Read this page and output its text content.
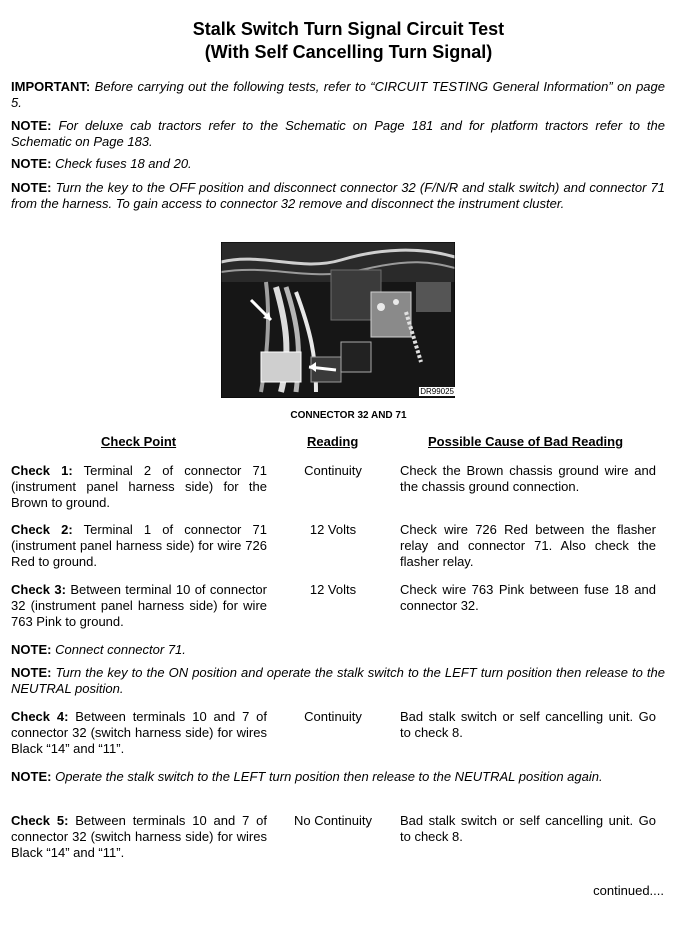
Stalk Switch Turn Signal Circuit Test
(With Self Cancelling Turn Signal)
IMPORTANT: Before carrying out the following tests, refer to “CIRCUIT TESTING General Information” on page 5.
NOTE: For deluxe cab tractors refer to the Schematic on Page 181 and for platform tractors refer to the Schematic on Page 183.
NOTE: Check fuses 18 and 20.
NOTE: Turn the key to the OFF position and disconnect connector 32 (F/N/R and stalk switch) and connector 71 from the harness. To gain access to connector 32 remove and disconnect the instrument cluster.
DR99025
CONNECTOR 32 AND 71
Check Point	Reading	Possible Cause of Bad Reading
Check 1: Terminal 2 of connector 71 (instrument panel harness side) for the Brown to ground.
Continuity	Check the Brown chassis ground wire and the chassis ground connection.
Check 2: Terminal 1 of connector 71 (instrument panel harness side) for wire 726 Red to ground.
12 Volts	Check wire 726 Red between the flasher relay and connector 71. Also check the flasher relay.
Check 3: Between terminal 10 of connector 32 (instrument panel harness side) for wire 763 Pink to ground.
12 Volts	Check wire 763 Pink between fuse 18 and connector 32.
NOTE: Connect connector 71.
NOTE: Turn the key to the ON position and operate the stalk switch to the LEFT turn position then release to the NEUTRAL position.
Check 4: Between terminals 10 and 7 of connector 32 (switch harness side) for wires Black “14” and “11”.
Continuity	Bad stalk switch or self cancelling unit. Go to check 8.
NOTE: Operate the stalk switch to the LEFT turn position then release to the NEUTRAL position again.
Check 5: Between terminals 10 and 7 of connector 32 (switch harness side) for wires Black “14” and “11”.
No Continuity	Bad stalk switch or self cancelling unit. Go to check 8.
continued....
